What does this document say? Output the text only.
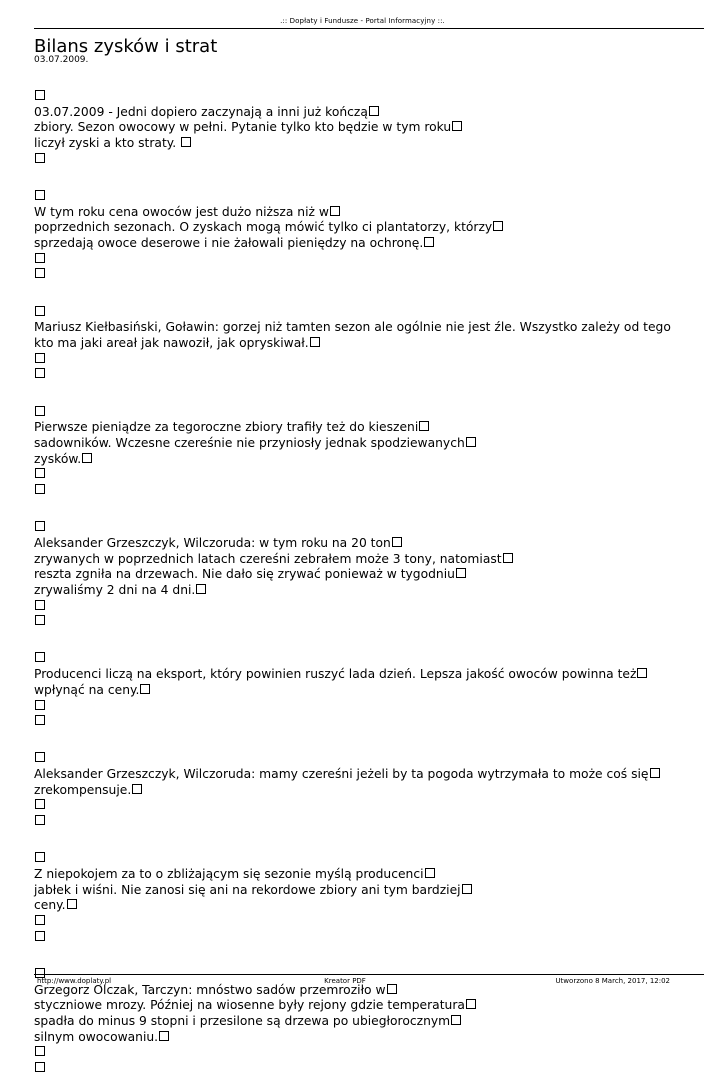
.:: Dopłaty i Fundusze - Portal Informacyjny ::.
Bilans zysków i strat
03.07.2009.
03.07.2009 - Jedni dopiero zaczynają a inni już kończą
zbiory. Sezon owocowy w pełni. Pytanie tylko kto będzie w tym roku
liczył zyski a kto straty.
W tym roku cena owoców jest dużo niższa niż w
poprzednich sezonach. O zyskach mogą mówić tylko ci plantatorzy, którzy
sprzedają owoce deserowe i nie żałowali pieniędzy na ochronę.
Mariusz Kiełbasiński, Goławin: gorzej niż tamten sezon ale ogólnie nie jest źle. Wszystko zależy od tego
kto ma jaki areał jak nawoził, jak opryskiwał.
Pierwsze pieniądze za tegoroczne zbiory trafiły też do kieszeni
sadowników. Wczesne czereśnie nie przyniosły jednak spodziewanych
zysków.
Aleksander Grzeszczyk, Wilczoruda: w tym roku na 20 ton
zrywanych w poprzednich latach czereśni zebrałem może 3 tony, natomiast
reszta zgniła na drzewach. Nie dało się zrywać ponieważ w tygodniu
zrywaliśmy 2 dni na 4 dni.
Producenci liczą na eksport, który powinien ruszyć lada dzień. Lepsza jakość owoców powinna też
wpłynąć na ceny.
Aleksander Grzeszczyk, Wilczoruda: mamy czereśni jeżeli by ta pogoda wytrzymała to może coś się
zrekompensuje.
Z niepokojem za to o zbliżającym się sezonie myślą producenci
jabłek i wiśni. Nie zanosi się ani na rekordowe zbiory ani tym bardziej
ceny.
Grzegorz Olczak, Tarczyn: mnóstwo sadów przemroziło w
styczniowe mrozy. Później na wiosenne były rejony gdzie temperatura
spadła do minus 9 stopni i przesilone są drzewa po ubiegłorocznym
silnym owocowaniu.
http://www.doplaty.pl	Kreator PDF	Utworzono 8 March, 2017, 12:02
